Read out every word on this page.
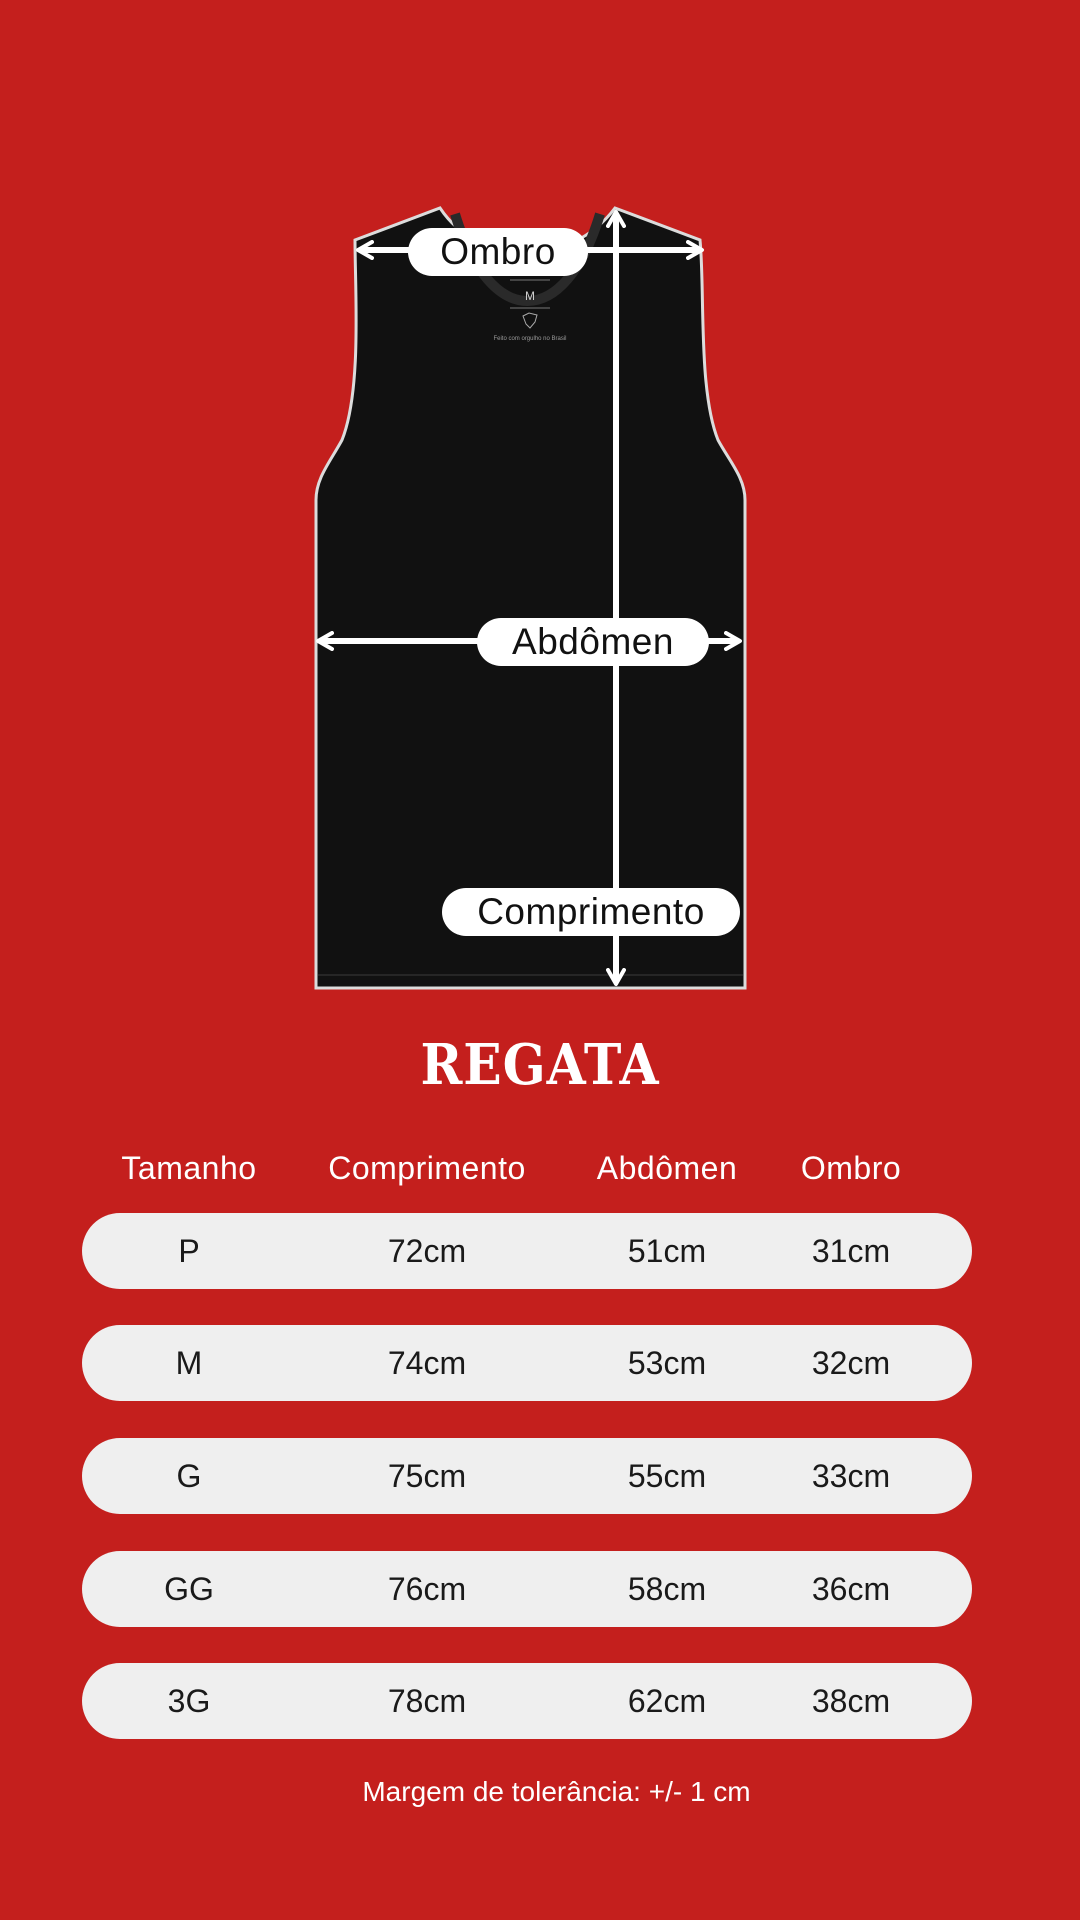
M
Feito com orgulho no Brasil
Ombro
Abdômen
Comprimento
REGATA
Tamanho	Comprimento	Abdômen	Ombro
P	72cm	51cm	31cm
M	74cm	53cm	32cm
G	75cm	55cm	33cm
GG	76cm	58cm	36cm
3G	78cm	62cm	38cm
Margem de tolerância: +/- 1 cm
